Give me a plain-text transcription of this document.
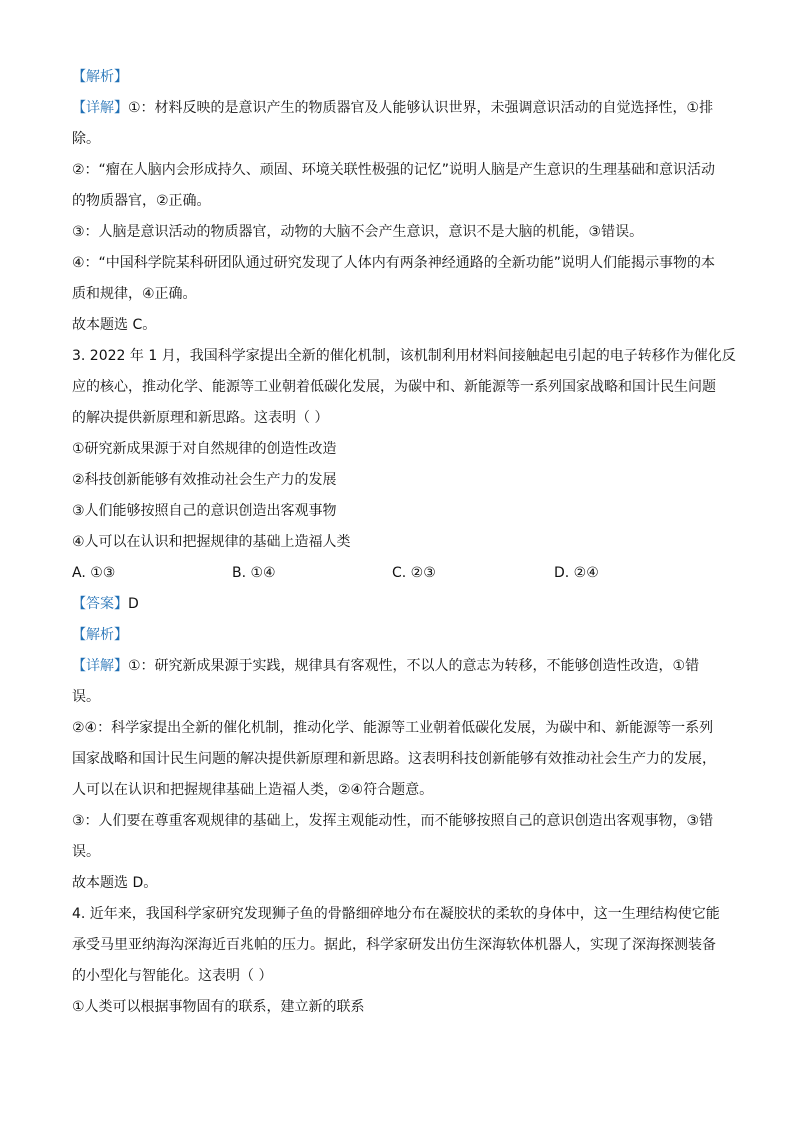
【解析】

【详解】①：材料反映的是意识产生的物质器官及人能够认识世界，未强调意识活动的自觉选择性，①排

除。

②：“瘤在人脑内会形成持久、顽固、环境关联性极强的记忆”说明人脑是产生意识的生理基础和意识活动

的物质器官，②正确。

③：人脑是意识活动的物质器官，动物的大脑不会产生意识，意识不是大脑的机能，③错误。

④：“中国科学院某科研团队通过研究发现了人体内有两条神经通路的全新功能”说明人们能揭示事物的本

质和规律，④正确。

故本题选 C。

3. 2022 年 1 月，我国科学家提出全新的催化机制，该机制利用材料间接触起电引起的电子转移作为催化反

应的核心，推动化学、能源等工业朝着低碳化发展，为碳中和、新能源等一系列国家战略和国计民生问题

的解决提供新原理和新思路。这表明（ ）

①研究新成果源于对自然规律的创造性改造

②科技创新能够有效推动社会生产力的发展

③人们能够按照自己的意识创造出客观事物

④人可以在认识和把握规律的基础上造福人类

A. ①③	B. ①④	C. ②③	D. ②④

【答案】D

【解析】

【详解】①：研究新成果源于实践，规律具有客观性，不以人的意志为转移，不能够创造性改造，①错

误。

②④：科学家提出全新的催化机制，推动化学、能源等工业朝着低碳化发展，为碳中和、新能源等一系列

国家战略和国计民生问题的解决提供新原理和新思路。这表明科技创新能够有效推动社会生产力的发展，

人可以在认识和把握规律基础上造福人类，②④符合题意。

③：人们要在尊重客观规律的基础上，发挥主观能动性，而不能够按照自己的意识创造出客观事物，③错

误。

故本题选 D。

4. 近年来，我国科学家研究发现狮子鱼的骨骼细碎地分布在凝胶状的柔软的身体中，这一生理结构使它能

承受马里亚纳海沟深海近百兆帕的压力。据此，科学家研发出仿生深海软体机器人，实现了深海探测装备

的小型化与智能化。这表明（ ）

①人类可以根据事物固有的联系，建立新的联系
